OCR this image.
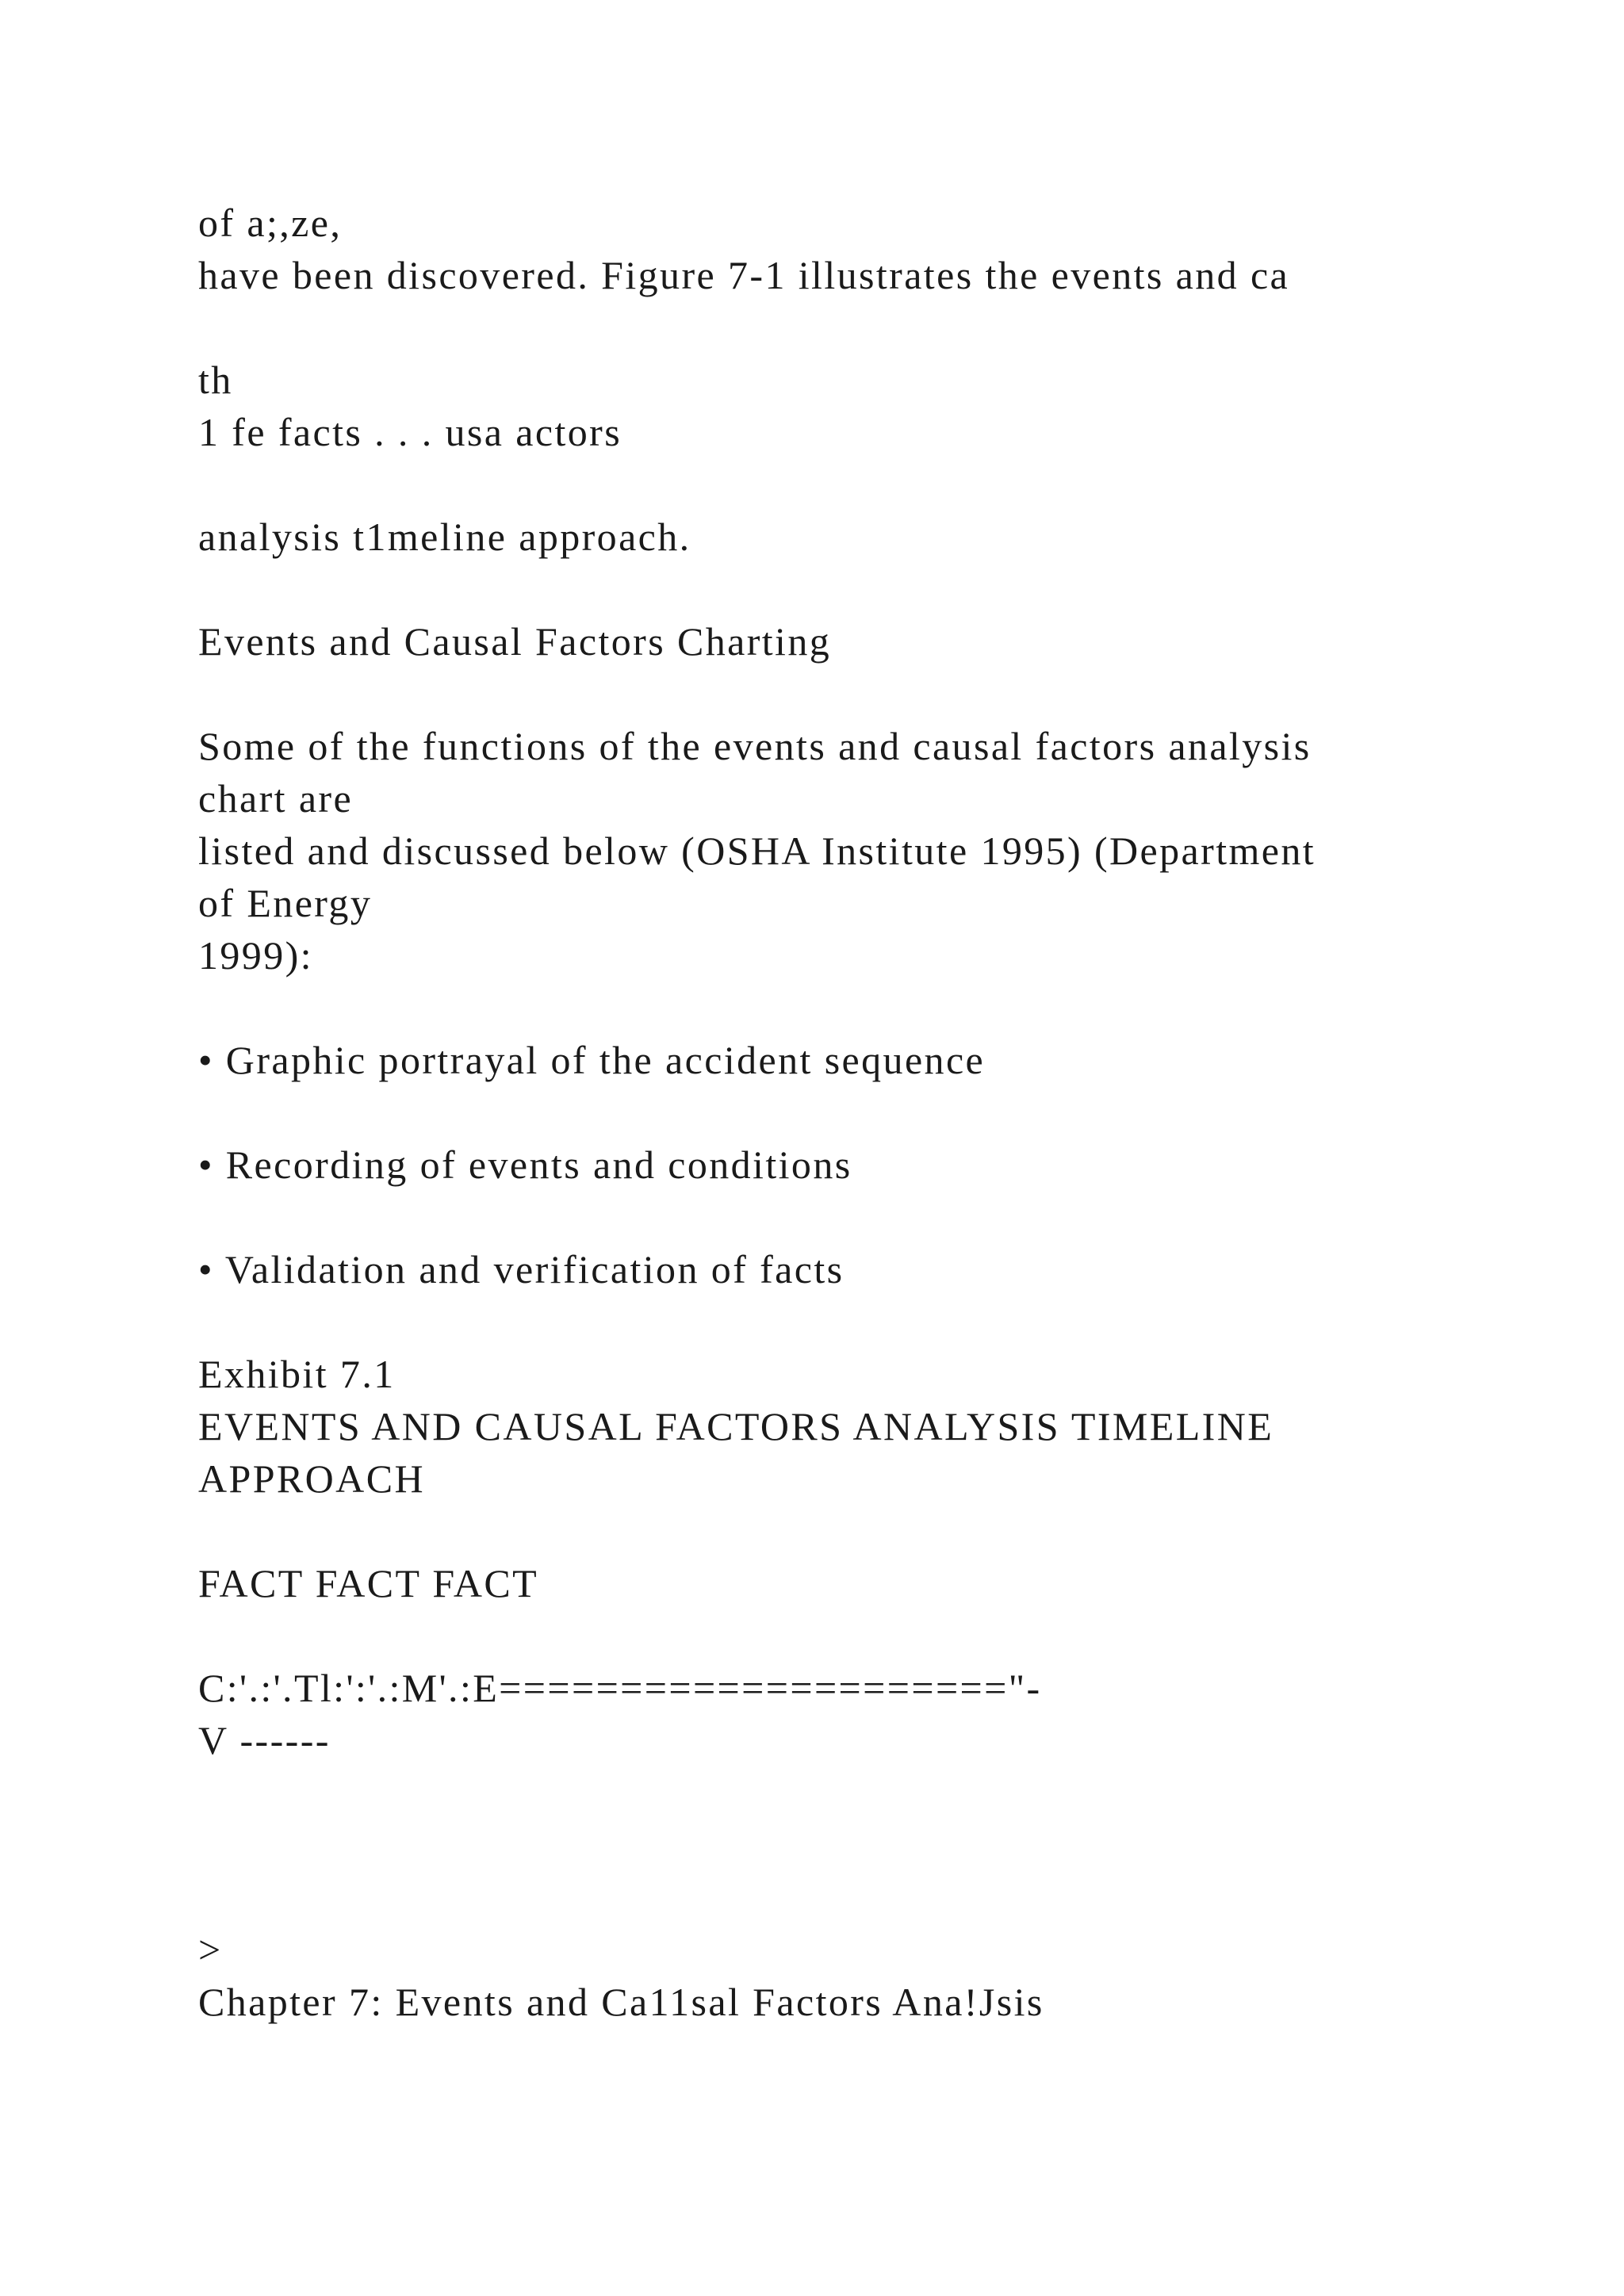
of a;,ze,
have been discovered. Figure 7-1 illustrates the events and ca
th
1 fe facts . . . usa actors
analysis t1meline approach.
Events and Causal Factors Charting
Some of the functions of the events and causal factors analysis
chart are
listed and discussed below (OSHA Institute 1995) (Department
of Energy
1999):
• Graphic portrayal of the accident sequence
• Recording of events and conditions
• Validation and verification of facts
Exhibit 7.1
EVENTS AND CAUSAL FACTORS ANALYSIS TIMELINE
APPROACH
FACT FACT FACT
C:'.:'.Tl:':'.:M'.:E====================="-
V ------
>
Chapter 7: Events and Ca11sal Factors Ana!Jsis
